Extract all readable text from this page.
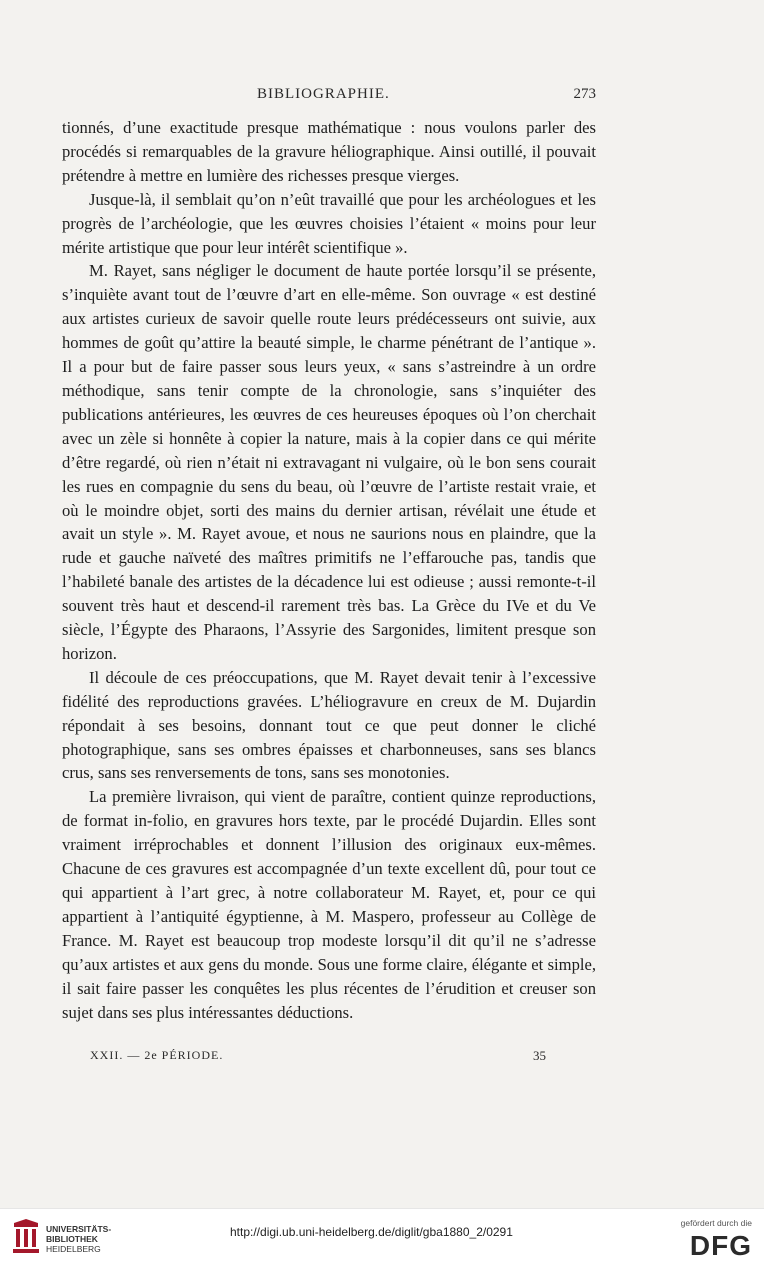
BIBLIOGRAPHIE.	273

tionnés, d’une exactitude presque mathématique : nous voulons parler des procédés si remarquables de la gravure héliographique. Ainsi outillé, il pouvait prétendre à mettre en lumière des richesses presque vierges.

Jusque-là, il semblait qu’on n’eût travaillé que pour les archéologues et les progrès de l’archéologie, que les œuvres choisies l’étaient « moins pour leur mérite artistique que pour leur intérêt scientifique ».

M. Rayet, sans négliger le document de haute portée lorsqu’il se présente, s’inquiète avant tout de l’œuvre d’art en elle-même. Son ouvrage « est destiné aux artistes curieux de savoir quelle route leurs prédécesseurs ont suivie, aux hommes de goût qu’attire la beauté simple, le charme pénétrant de l’antique ». Il a pour but de faire passer sous leurs yeux, « sans s’astreindre à un ordre méthodique, sans tenir compte de la chronologie, sans s’inquiéter des publications antérieures, les œuvres de ces heureuses époques où l’on cherchait avec un zèle si honnête à copier la nature, mais à la copier dans ce qui mérite d’être regardé, où rien n’était ni extravagant ni vulgaire, où le bon sens courait les rues en compagnie du sens du beau, où l’œuvre de l’artiste restait vraie, et où le moindre objet, sorti des mains du dernier artisan, révélait une étude et avait un style ». M. Rayet avoue, et nous ne saurions nous en plaindre, que la rude et gauche naïveté des maîtres primitifs ne l’effarouche pas, tandis que l’habileté banale des artistes de la décadence lui est odieuse ; aussi remonte-t-il souvent très haut et descend-il rarement très bas. La Grèce du IVe et du Ve siècle, l’Égypte des Pharaons, l’Assyrie des Sargonides, limitent presque son horizon.

Il découle de ces préoccupations, que M. Rayet devait tenir à l’excessive fidélité des reproductions gravées. L’héliogravure en creux de M. Dujardin répondait à ses besoins, donnant tout ce que peut donner le cliché photographique, sans ses ombres épaisses et charbonneuses, sans ses blancs crus, sans ses renversements de tons, sans ses monotonies.

La première livraison, qui vient de paraître, contient quinze reproductions, de format in-folio, en gravures hors texte, par le procédé Dujardin. Elles sont vraiment irréprochables et donnent l’illusion des originaux eux-mêmes. Chacune de ces gravures est accompagnée d’un texte excellent dû, pour tout ce qui appartient à l’art grec, à notre collaborateur M. Rayet, et, pour ce qui appartient à l’antiquité égyptienne, à M. Maspero, professeur au Collège de France. M. Rayet est beaucoup trop modeste lorsqu’il dit qu’il ne s’adresse qu’aux artistes et aux gens du monde. Sous une forme claire, élégante et simple, il sait faire passer les conquêtes les plus récentes de l’érudition et creuser son sujet dans ses plus intéressantes déductions.

XXII. — 2e PÉRIODE.	35
UNIVERSITÄTS-
BIBLIOTHEK
HEIDELBERG
http://digi.ub.uni-heidelberg.de/diglit/gba1880_2/0291
gefördert durch die
DFG
